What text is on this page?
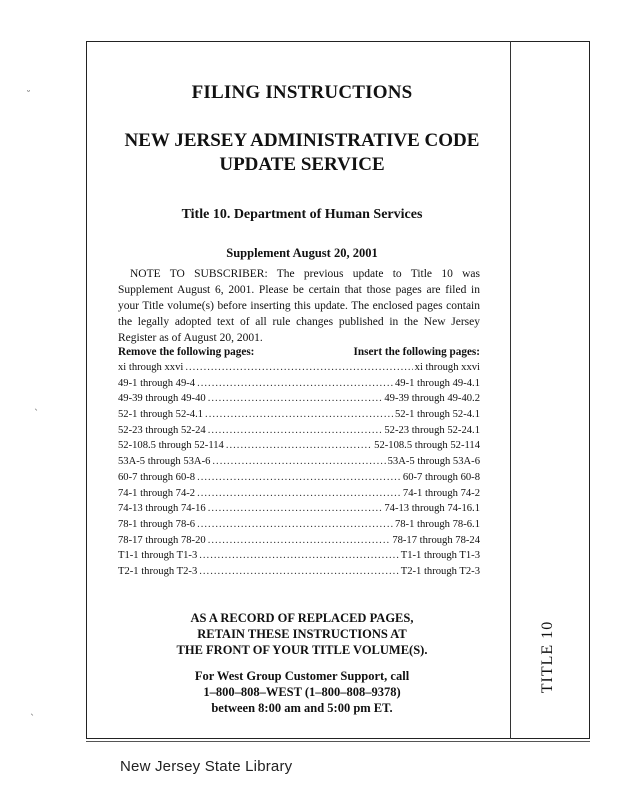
˘
ˎ
ˎ
FILING INSTRUCTIONS
NEW JERSEY ADMINISTRATIVE CODE
UPDATE SERVICE
Title 10. Department of Human Services
Supplement August 20, 2001
NOTE TO SUBSCRIBER: The previous update to Title 10 was Supplement August 6, 2001. Please be certain that those pages are filed in your Title volume(s) before inserting this update. The enclosed pages contain the legally adopted text of all rule changes published in the New Jersey Register as of August 20, 2001.
Remove the following pages:	Insert the following pages:
xi through xxvi .....	xi through xxvi
49-1 through 49-4 .....	49-1 through 49-4.1
49-39 through 49-40 .....	49-39 through 49-40.2
52-1 through 52-4.1 .....	52-1 through 52-4.1
52-23 through 52-24 .....	52-23 through 52-24.1
52-108.5 through 52-114 .....	52-108.5 through 52-114
53A-5 through 53A-6 .....	53A-5 through 53A-6
60-7 through 60-8 .....	60-7 through 60-8
74-1 through 74-2 .....	74-1 through 74-2
74-13 through 74-16 .....	74-13 through 74-16.1
78-1 through 78-6 .....	78-1 through 78-6.1
78-17 through 78-20 .....	78-17 through 78-24
T1-1 through T1-3 .....	T1-1 through T1-3
T2-1 through T2-3 .....	T2-1 through T2-3
AS A RECORD OF REPLACED PAGES,
RETAIN THESE INSTRUCTIONS AT
THE FRONT OF YOUR TITLE VOLUME(S).
For West Group Customer Support, call
1–800–808–WEST (1–800–808–9378)
between 8:00 am and 5:00 pm ET.
TITLE 10
New Jersey State Library
